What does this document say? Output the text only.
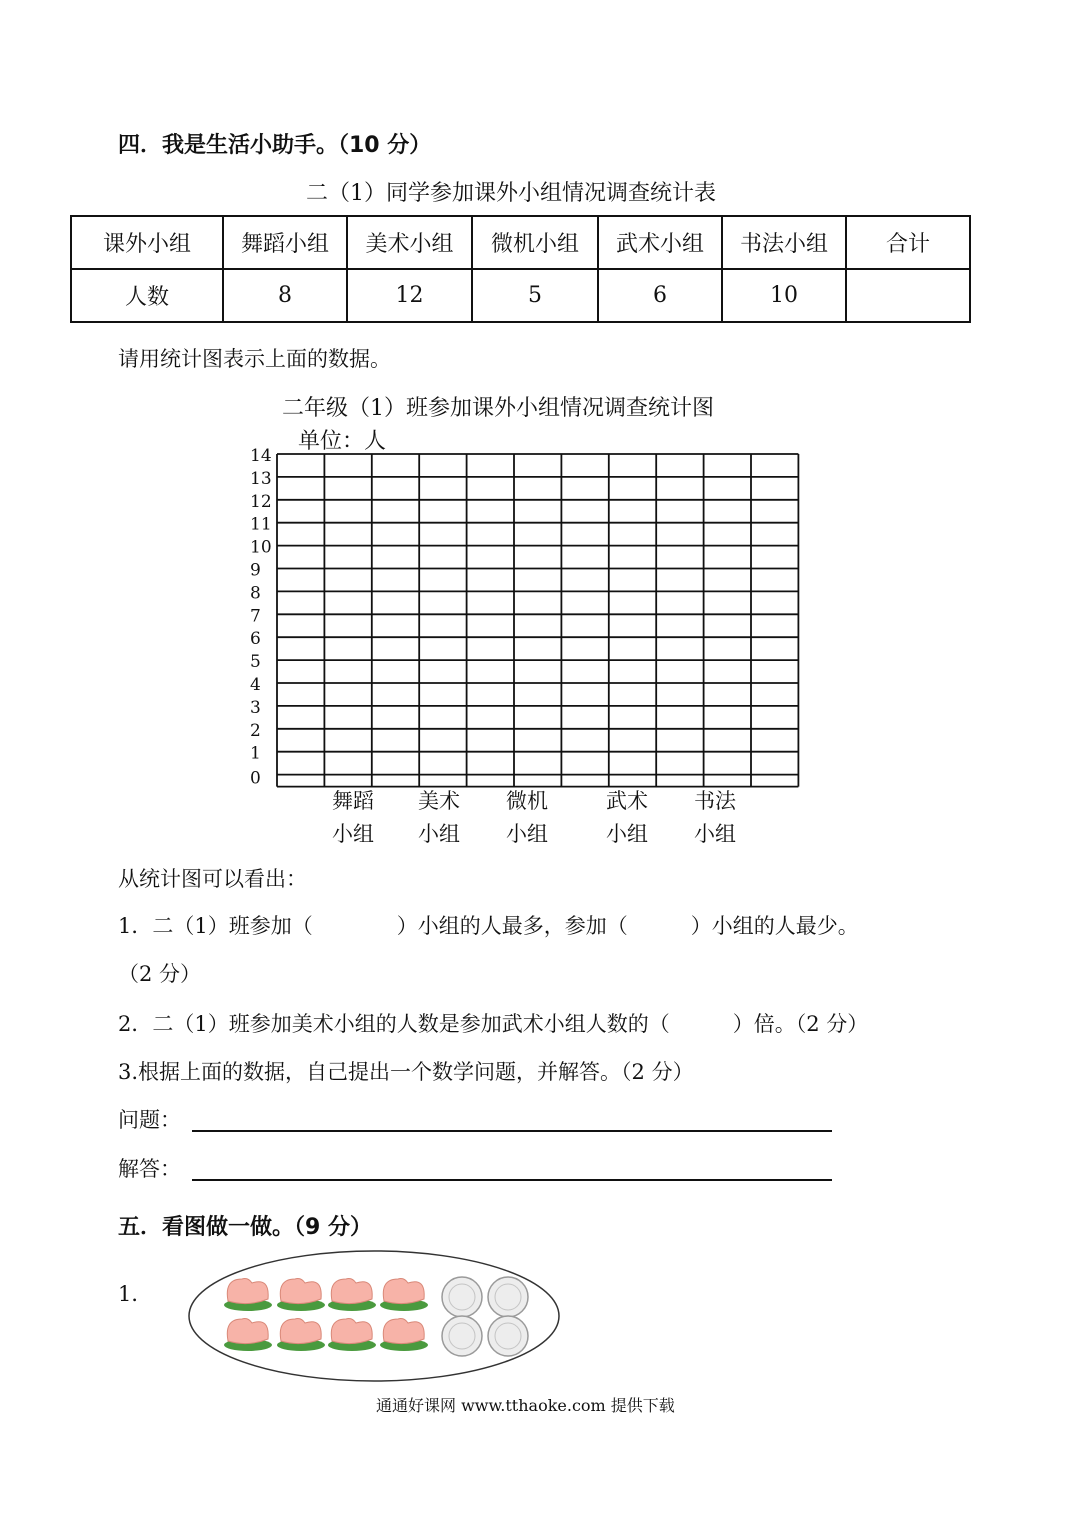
四．我是生活小助手。（10 分）
二（1）同学参加课外小组情况调查统计表
课外小组	舞蹈小组	美术小组	微机小组	武术小组	书法小组	合计
人数	8	12	5	6	10	
请用统计图表示上面的数据。
二年级（1）班参加课外小组情况调查统计图
单位：人
0
1
2
3
4
5
6
7
8
9
10
11
12
13
14
舞蹈
小组
美术
小组
微机
小组
武术
小组
书法
小组
从统计图可以看出：
1．二（1）班参加（　　　　）小组的人最多，参加（　　　）小组的人最少。
（2 分）
2．二（1）班参加美术小组的人数是参加武术小组人数的（　　　）倍。（2 分）
3.根据上面的数据，自己提出一个数学问题，并解答。（2 分）
问题：
解答：
五．看图做一做。（9 分）
1．
通通好课网 www.tthaoke.com 提供下载
